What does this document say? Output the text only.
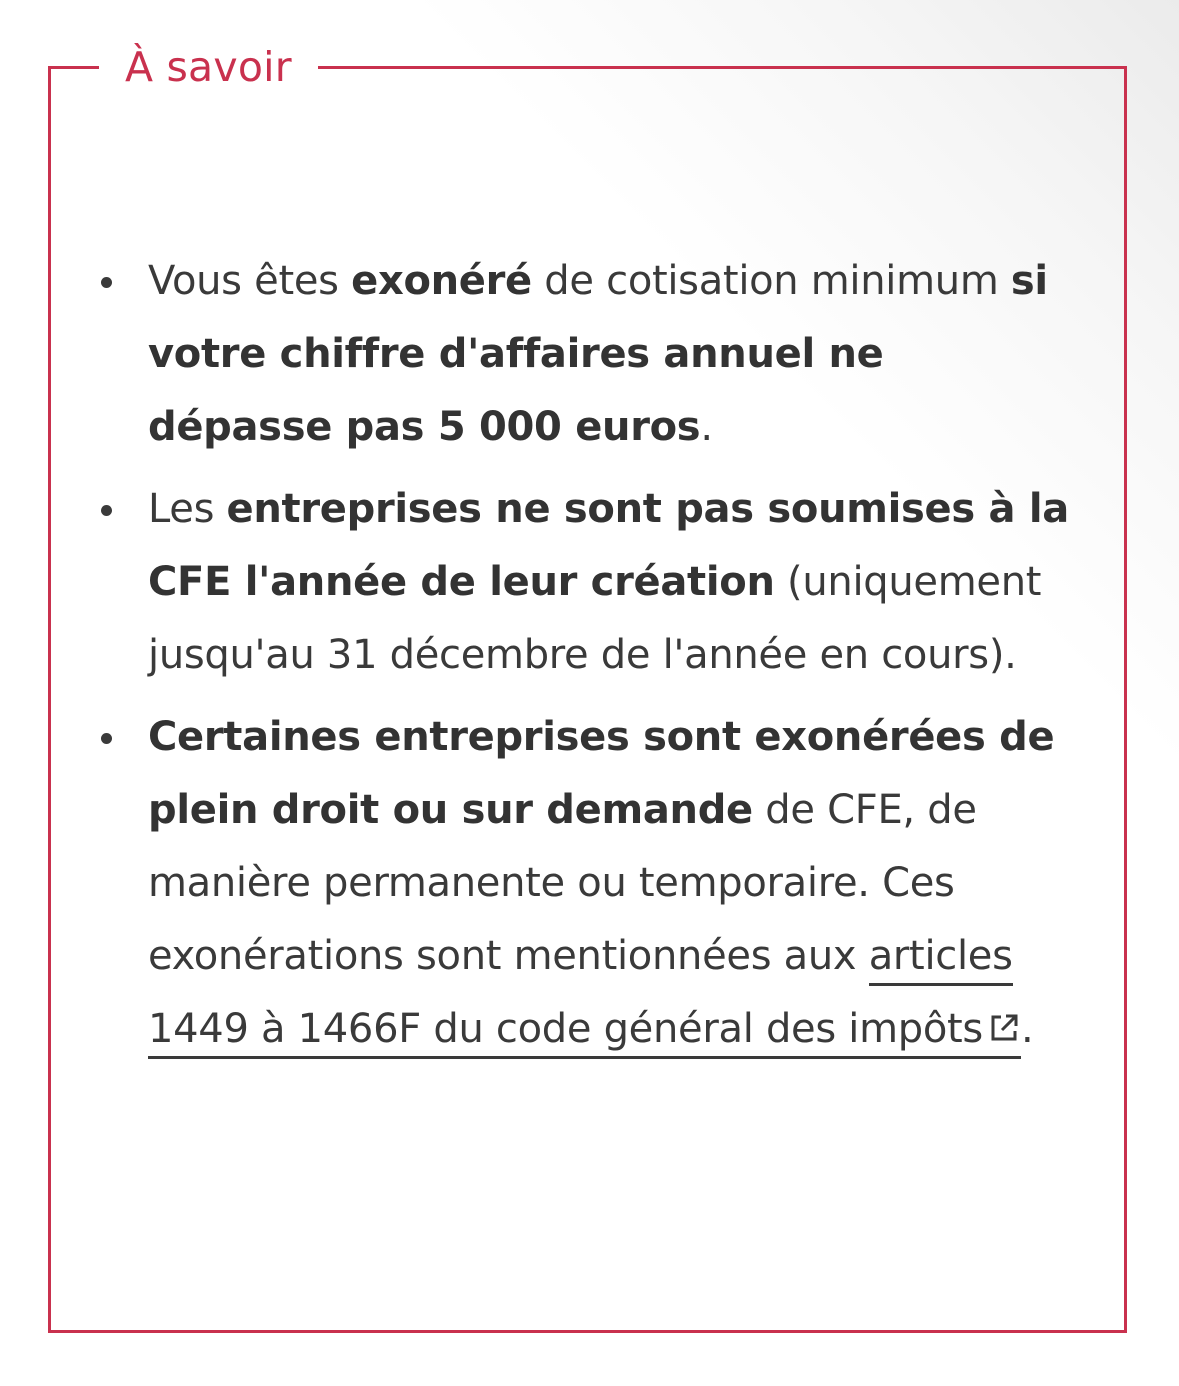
À savoir
Vous êtes exonéré de cotisation minimum si votre chiffre d'affaires annuel ne dépasse pas 5 000 euros.
Les entreprises ne sont pas soumises à la CFE l'année de leur création (uniquement jusqu'au 31 décembre de l'année en cours).
Certaines entreprises sont exonérées de plein droit ou sur demande de CFE, de manière permanente ou temporaire. Ces exonérations sont mentionnées aux articles 1449 à 1466F du code général des impôts .
